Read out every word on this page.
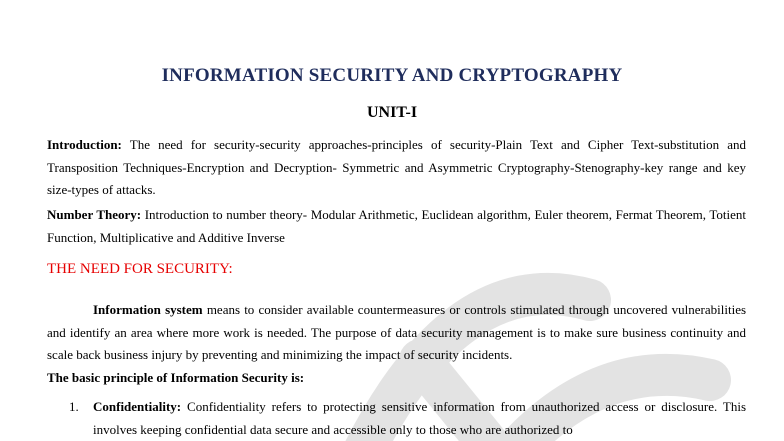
INFORMATION SECURITY AND CRYPTOGRAPHY
UNIT-I
Introduction: The need for security-security approaches-principles of security-Plain Text and Cipher Text-substitution and Transposition Techniques-Encryption and Decryption- Symmetric and Asymmetric Cryptography-Stenography-key range and key size-types of attacks.
Number Theory: Introduction to number theory- Modular Arithmetic, Euclidean algorithm, Euler theorem, Fermat Theorem, Totient Function, Multiplicative and Additive Inverse
THE NEED FOR SECURITY:
Information system means to consider available countermeasures or controls stimulated through uncovered vulnerabilities and identify an area where more work is needed. The purpose of data security management is to make sure business continuity and scale back business injury by preventing and minimizing the impact of security incidents.
The basic principle of Information Security is:
1. Confidentiality: Confidentiality refers to protecting sensitive information from unauthorized access or disclosure. This involves keeping confidential data secure and accessible only to those who are authorized to
